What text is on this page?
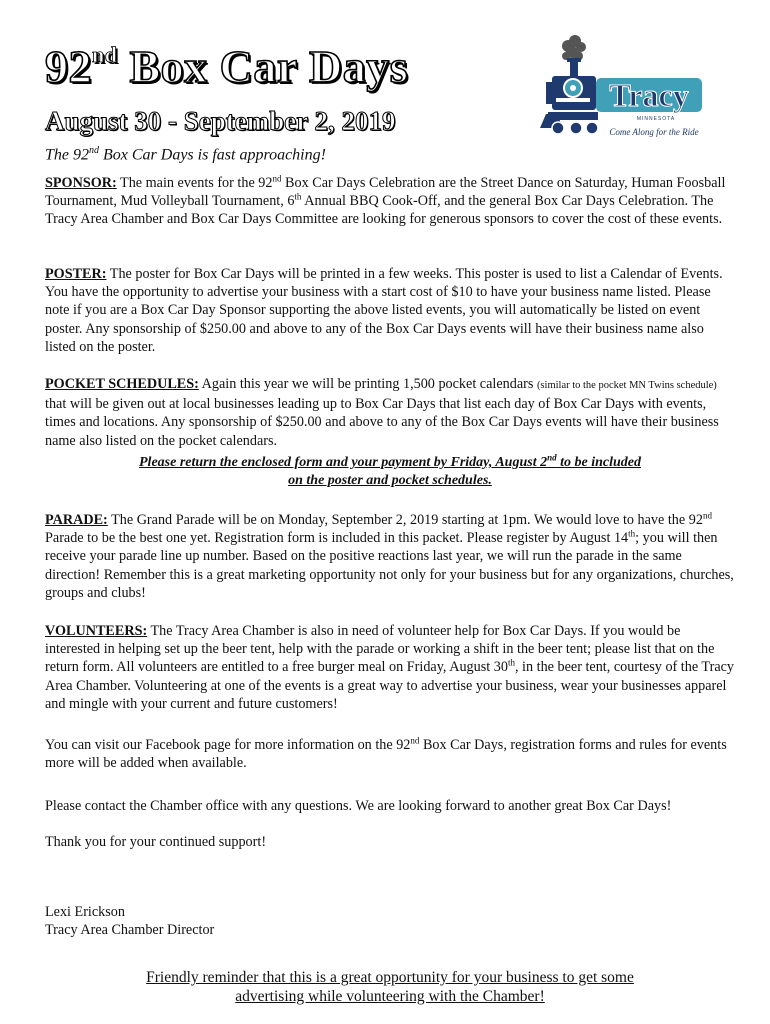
92nd Box Car Days
August 30 - September 2, 2019
The 92nd Box Car Days is fast approaching!
Tracy
MINNESOTA
Come Along for the Ride
SPONSOR: The main events for the 92nd Box Car Days Celebration are the Street Dance on Saturday, Human Foosball Tournament, Mud Volleyball Tournament, 6th Annual BBQ Cook-Off, and the general Box Car Days Celebration. The Tracy Area Chamber and Box Car Days Committee are looking for generous sponsors to cover the cost of these events.
POSTER: The poster for Box Car Days will be printed in a few weeks. This poster is used to list a Calendar of Events. You have the opportunity to advertise your business with a start cost of $10 to have your business name listed. Please note if you are a Box Car Day Sponsor supporting the above listed events, you will automatically be listed on event poster. Any sponsorship of $250.00 and above to any of the Box Car Days events will have their business name also listed on the poster.
POCKET SCHEDULES: Again this year we will be printing 1,500 pocket calendars (similar to the pocket MN Twins schedule) that will be given out at local businesses leading up to Box Car Days that list each day of Box Car Days with events, times and locations. Any sponsorship of $250.00 and above to any of the Box Car Days events will have their business name also listed on the pocket calendars.
Please return the enclosed form and your payment by Friday, August 2nd to be included
on the poster and pocket schedules.
PARADE: The Grand Parade will be on Monday, September 2, 2019 starting at 1pm. We would love to have the 92nd Parade to be the best one yet. Registration form is included in this packet. Please register by August 14th; you will then receive your parade line up number. Based on the positive reactions last year, we will run the parade in the same direction! Remember this is a great marketing opportunity not only for your business but for any organizations, churches, groups and clubs!
VOLUNTEERS: The Tracy Area Chamber is also in need of volunteer help for Box Car Days. If you would be interested in helping set up the beer tent, help with the parade or working a shift in the beer tent; please list that on the return form. All volunteers are entitled to a free burger meal on Friday, August 30th, in the beer tent, courtesy of the Tracy Area Chamber. Volunteering at one of the events is a great way to advertise your business, wear your businesses apparel and mingle with your current and future customers!
You can visit our Facebook page for more information on the 92nd Box Car Days, registration forms and rules for events more will be added when available.
Please contact the Chamber office with any questions. We are looking forward to another great Box Car Days!
Thank you for your continued support!
Lexi Erickson
Tracy Area Chamber Director
Friendly reminder that this is a great opportunity for your business to get some
advertising while volunteering with the Chamber!
